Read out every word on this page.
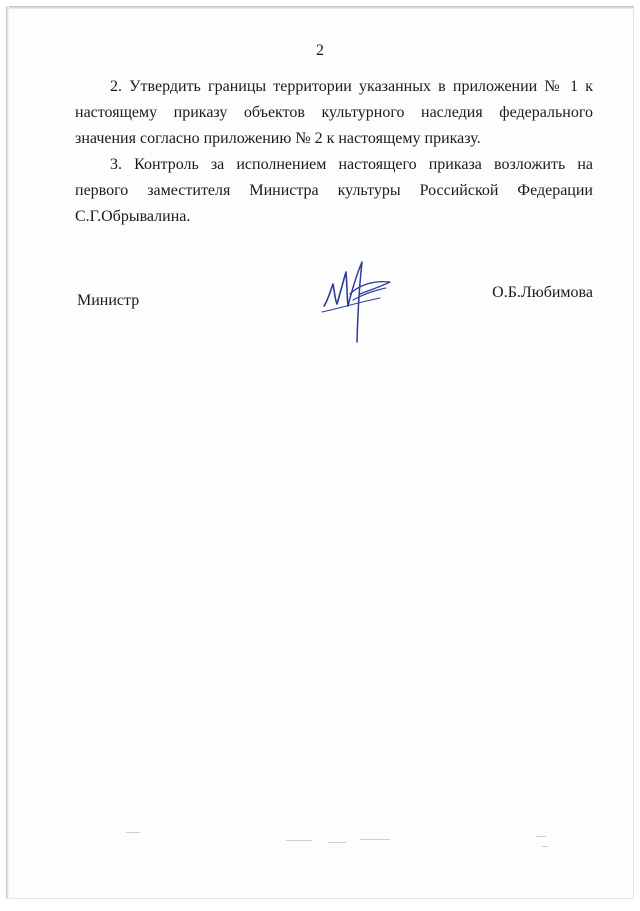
2

2. Утвердить границы территории указанных в приложении № 1 к настоящему приказу объектов культурного наследия федерального значения согласно приложению № 2 к настоящему приказу.

3. Контроль за исполнением настоящего приказа возложить на первого заместителя Министра культуры Российской Федерации С.Г.Обрывалина.

Министр	О.Б.Любимова
